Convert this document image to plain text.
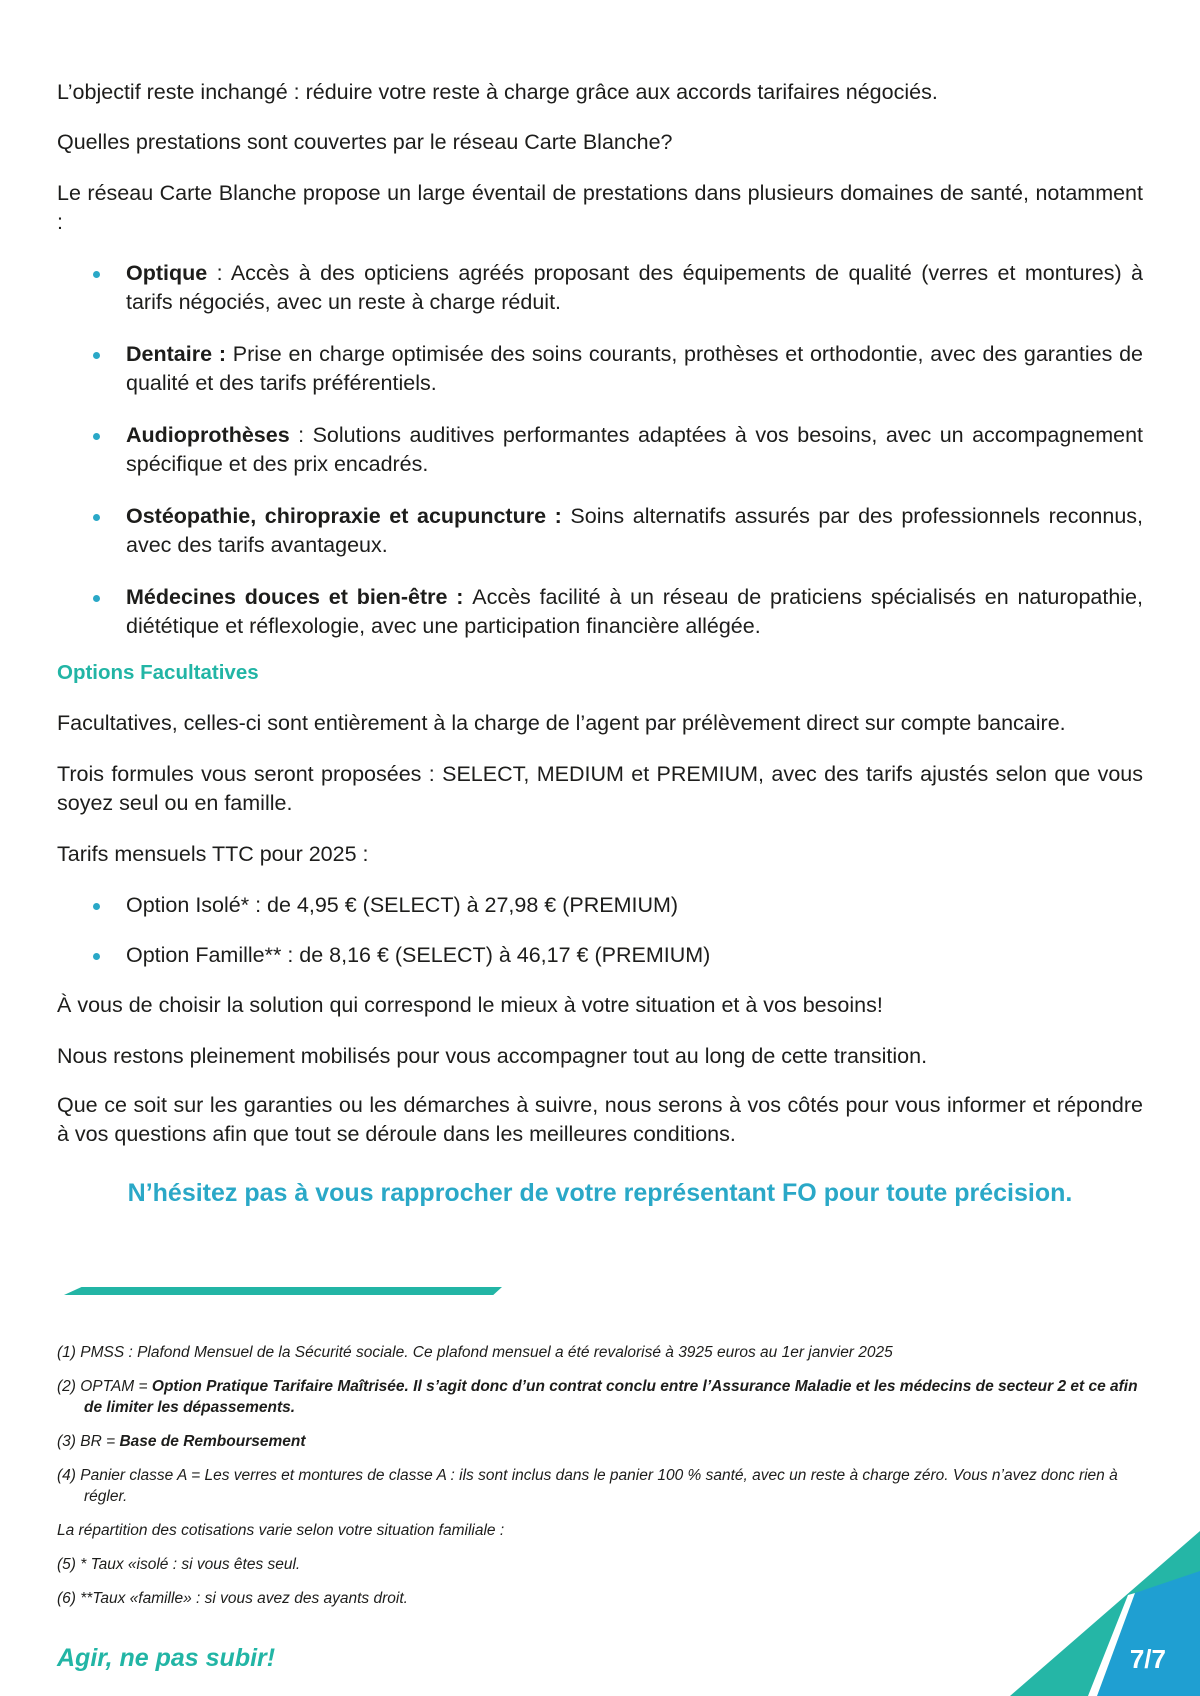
L’objectif reste inchangé : réduire votre reste à charge grâce aux accords tarifaires négociés.

Quelles prestations sont couvertes par le réseau Carte Blanche?

Le réseau Carte Blanche propose un large éventail de prestations dans plusieurs domaines de santé, notamment :

Optique : Accès à des opticiens agréés proposant des équipements de qualité (verres et montures) à tarifs négociés, avec un reste à charge réduit.
Dentaire : Prise en charge optimisée des soins courants, prothèses et orthodontie, avec des garanties de qualité et des tarifs préférentiels.
Audioprothèses : Solutions auditives performantes adaptées à vos besoins, avec un accompagnement spécifique et des prix encadrés.
Ostéopathie, chiropraxie et acupuncture : Soins alternatifs assurés par des professionnels reconnus, avec des tarifs avantageux.
Médecines douces et bien-être : Accès facilité à un réseau de praticiens spécialisés en naturopathie, diététique et réflexologie, avec une participation financière allégée.
Options Facultatives

Facultatives, celles-ci sont entièrement à la charge de l’agent par prélèvement direct sur compte bancaire.

Trois formules vous seront proposées : SELECT, MEDIUM et PREMIUM, avec des tarifs ajustés selon que vous soyez seul ou en famille.

Tarifs mensuels TTC pour 2025 :

Option Isolé* : de 4,95 € (SELECT) à 27,98 € (PREMIUM)
Option Famille** : de 8,16 € (SELECT) à 46,17 € (PREMIUM)

À vous de choisir la solution qui correspond le mieux à votre situation et à vos besoins!

Nous restons pleinement mobilisés pour vous accompagner tout au long de cette transition.

Que ce soit sur les garanties ou les démarches à suivre, nous serons à vos côtés pour vous informer et répondre à vos questions afin que tout se déroule dans les meilleures conditions.

N’hésitez pas à vous rapprocher de votre représentant FO pour toute précision.
(1) PMSS : Plafond Mensuel de la Sécurité sociale. Ce plafond mensuel a été revalorisé à 3925 euros au 1er janvier 2025
(2) OPTAM = Option Pratique Tarifaire Maîtrisée. Il s’agit donc d’un contrat conclu entre l’Assurance Maladie et les médecins de secteur 2 et ce afin de limiter les dépassements.
(3) BR = Base de Remboursement
(4) Panier classe A = Les verres et montures de classe A : ils sont inclus dans le panier 100 % santé, avec un reste à charge zéro. Vous n’avez donc rien à régler.
La répartition des cotisations varie selon votre situation familiale :
(5) * Taux «isolé : si vous êtes seul.
(6) **Taux «famille» : si vous avez des ayants droit.
Agir, ne pas subir!	7/7
